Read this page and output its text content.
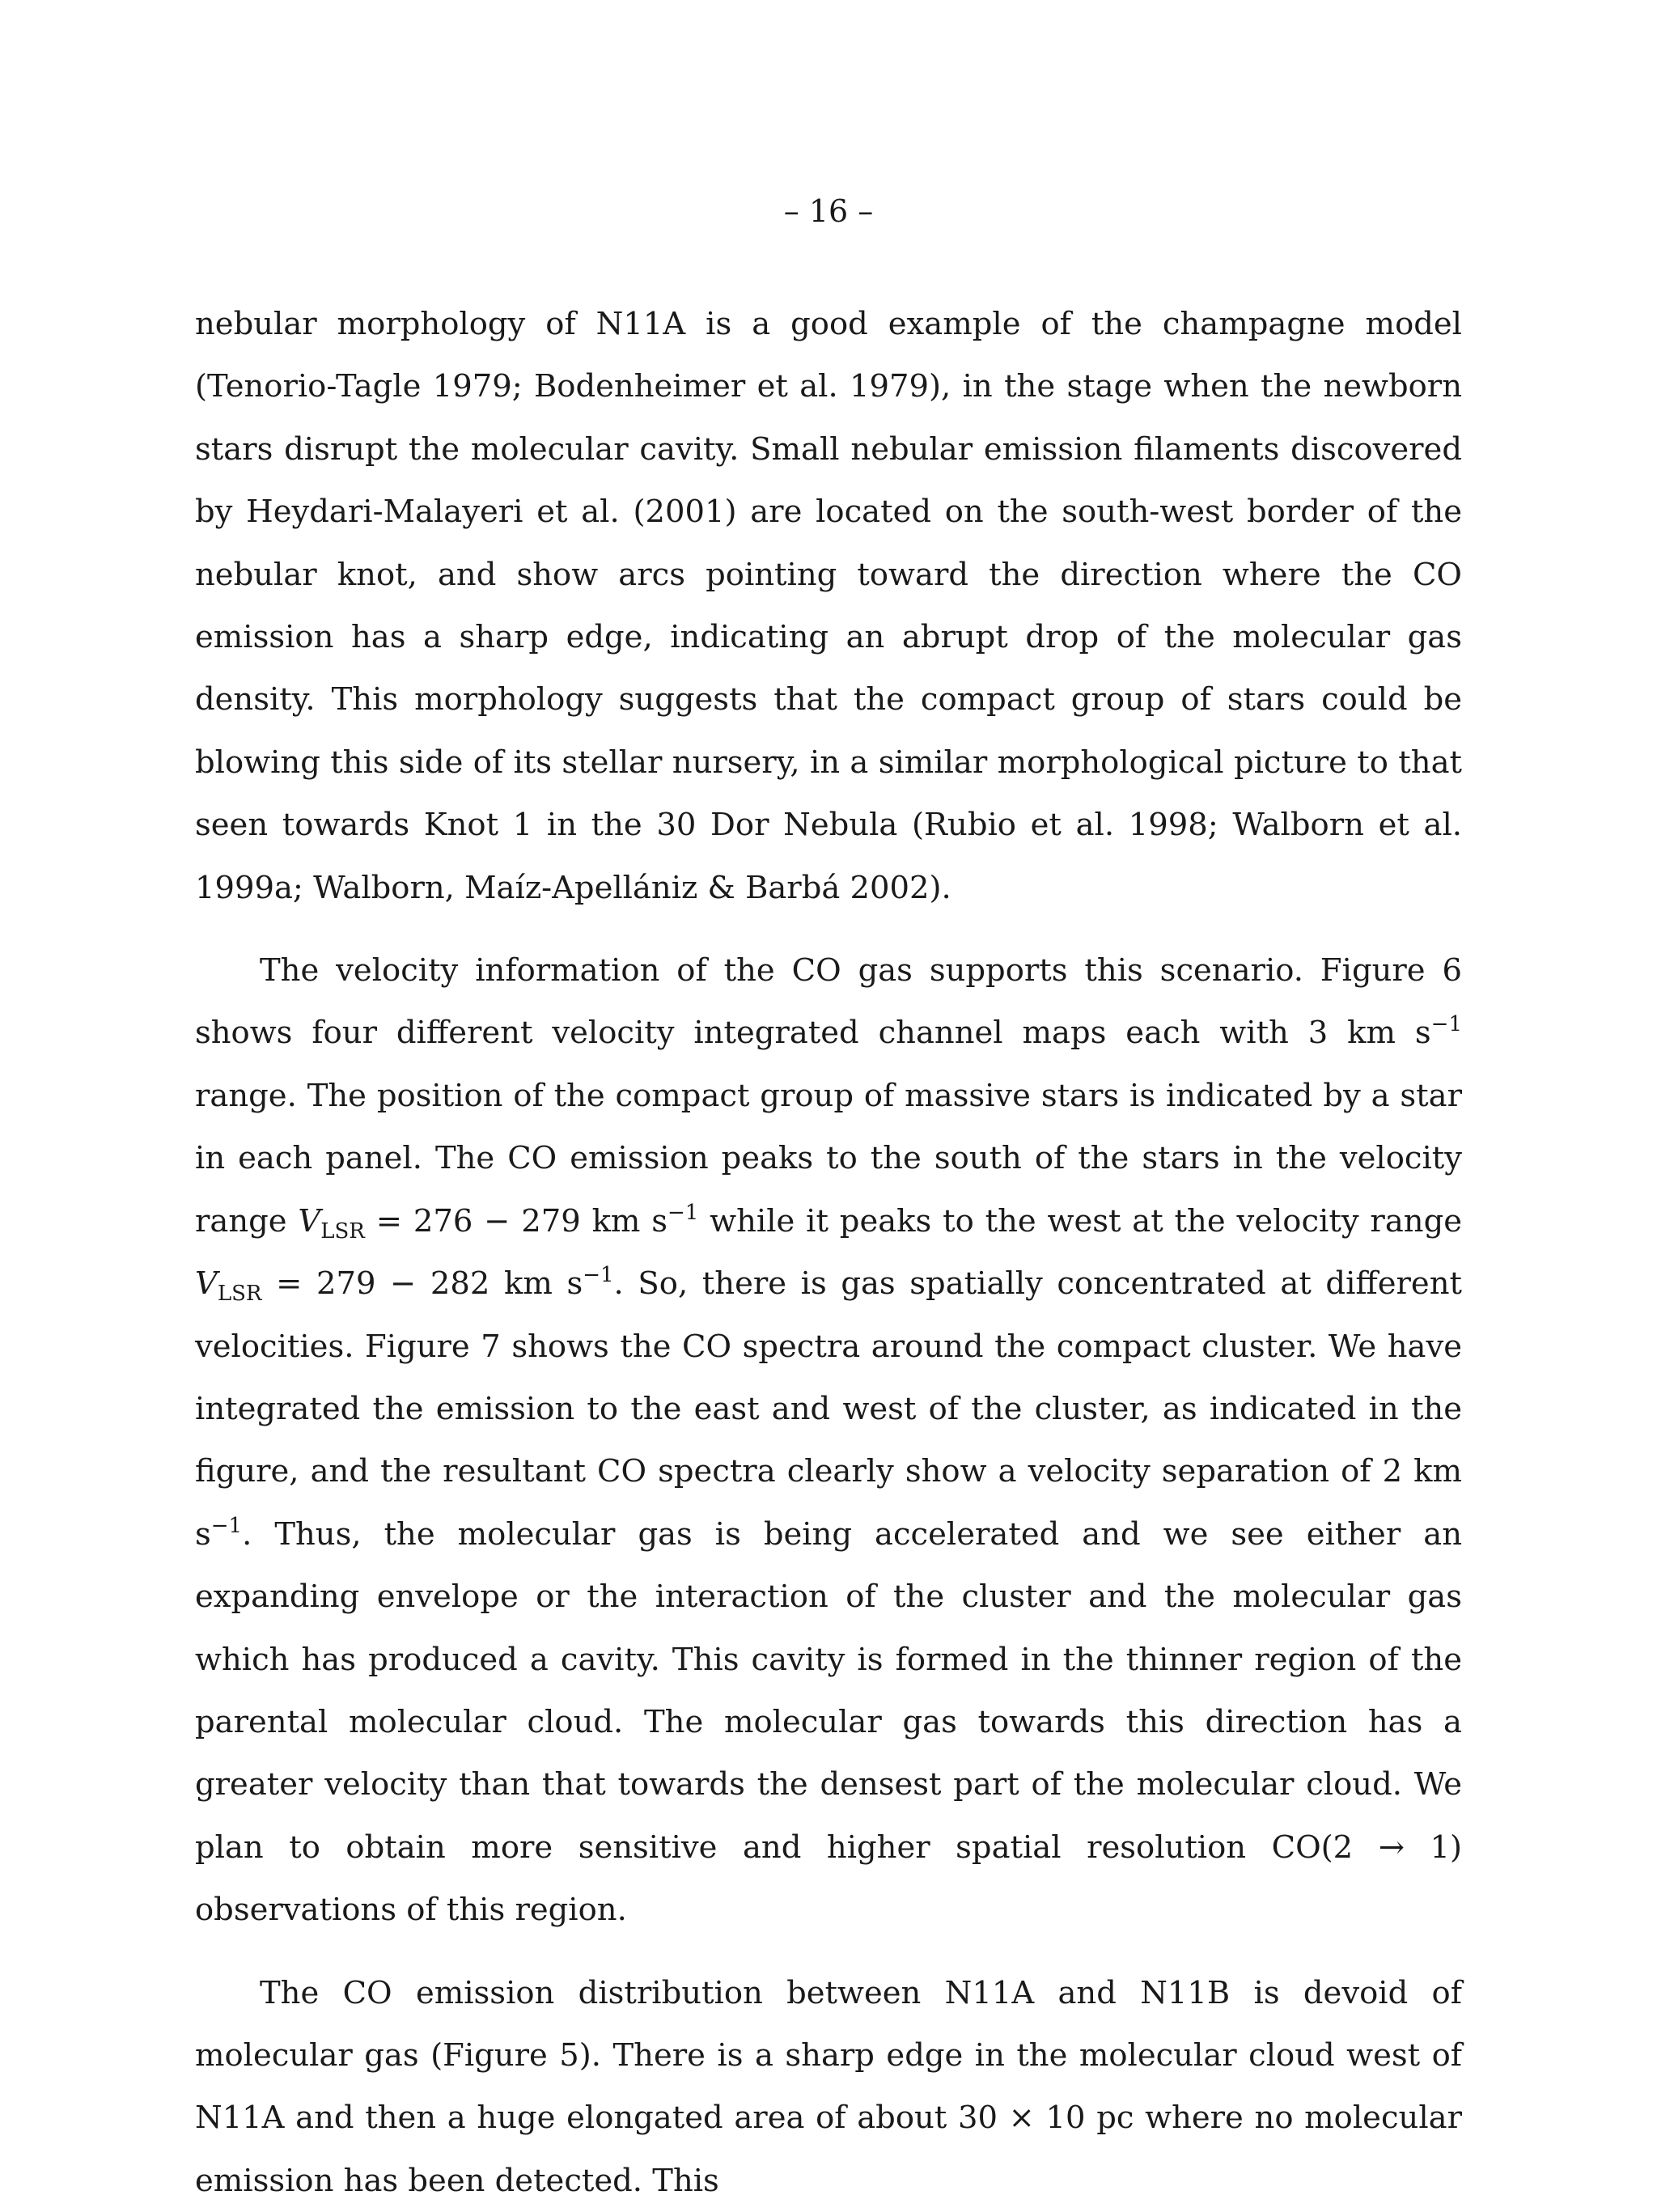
– 16 –

nebular morphology of N11A is a good example of the champagne model (Tenorio-Tagle 1979; Bodenheimer et al. 1979), in the stage when the newborn stars disrupt the molecular cavity. Small nebular emission filaments discovered by Heydari-Malayeri et al. (2001) are located on the south-west border of the nebular knot, and show arcs pointing toward the direction where the CO emission has a sharp edge, indicating an abrupt drop of the molecular gas density. This morphology suggests that the compact group of stars could be blowing this side of its stellar nursery, in a similar morphological picture to that seen towards Knot 1 in the 30 Dor Nebula (Rubio et al. 1998; Walborn et al. 1999a; Walborn, Maíz-Apellániz & Barbá 2002).

The velocity information of the CO gas supports this scenario. Figure 6 shows four different velocity integrated channel maps each with 3 km $s^{-1}$ range. The position of the compact group of massive stars is indicated by a star in each panel. The CO emission peaks to the south of the stars in the velocity range $V_{LSR} = 276 - 279$ km $s^{-1}$ while it peaks to the west at the velocity range $V_{LSR} = 279 - 282$ km $s^{-1}$. So, there is gas spatially concentrated at different velocities. Figure 7 shows the CO spectra around the compact cluster. We have integrated the emission to the east and west of the cluster, as indicated in the figure, and the resultant CO spectra clearly show a velocity separation of 2 km $s^{-1}$. Thus, the molecular gas is being accelerated and we see either an expanding envelope or the interaction of the cluster and the molecular gas which has produced a cavity. This cavity is formed in the thinner region of the parental molecular cloud. The molecular gas towards this direction has a greater velocity than that towards the densest part of the molecular cloud. We plan to obtain more sensitive and higher spatial resolution CO(2 → 1) observations of this region.

The CO emission distribution between N11A and N11B is devoid of molecular gas (Figure 5). There is a sharp edge in the molecular cloud west of N11A and then a huge elongated area of about 30 × 10 pc where no molecular emission has been detected. This
